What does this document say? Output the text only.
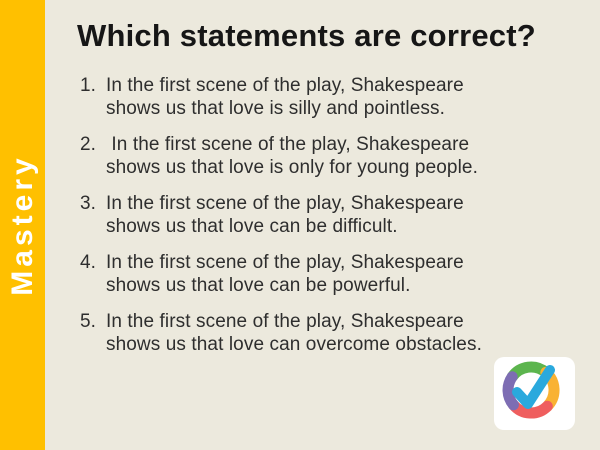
Mastery
Which statements are correct?
1. In the first scene of the play, Shakespeare
shows us that love is silly and pointless.
2. In the first scene of the play, Shakespeare
shows us that love is only for young people.
3. In the first scene of the play, Shakespeare
shows us that love can be difficult.
4. In the first scene of the play, Shakespeare
shows us that love can be powerful.
5. In the first scene of the play, Shakespeare
shows us that love can overcome obstacles.
